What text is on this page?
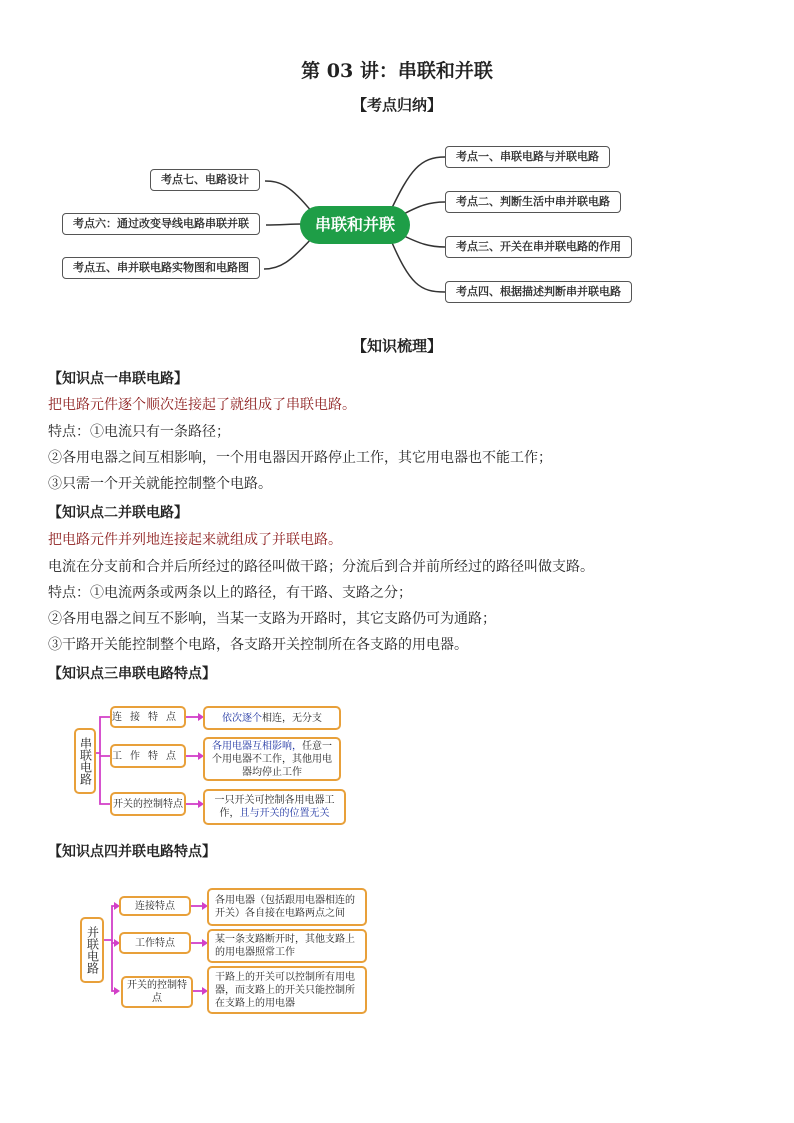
第 03 讲：串联和并联
【考点归纳】
串联和并联
考点一、串联电路与并联电路
考点二、判断生活中串并联电路
考点三、开关在串并联电路的作用
考点四、根据描述判断串并联电路
考点七、电路设计
考点六：通过改变导线电路串联并联
考点五、串并联电路实物图和电路图
【知识梳理】
【知识点一串联电路】
把电路元件逐个顺次连接起了就组成了串联电路。
特点：①电流只有一条路径；
②各用电器之间互相影响，一个用电器因开路停止工作，其它用电器也不能工作；
③只需一个开关就能控制整个电路。
【知识点二并联电路】
把电路元件并列地连接起来就组成了并联电路。
电流在分支前和合并后所经过的路径叫做干路；分流后到合并前所经过的路径叫做支路。
特点：①电流两条或两条以上的路径，有干路、支路之分；
②各用电器之间互不影响，当某一支路为开路时，其它支路仍可为通路；
③干路开关能控制整个电路，各支路开关控制所在各支路的用电器。
【知识点三串联电路特点】
串联电路
连接特点
工作特点
开关的控制特点
依次逐个相连，无分支
各用电器互相影响，任意一个用电器不工作，其他用电器均停止工作
一只开关可控制各用电器工作，且与开关的位置无关
【知识点四并联电路特点】
并联电路
连接特点
工作特点
开关的控制特点
各用电器（包括跟用电器相连的开关）各自接在电路两点之间
某一条支路断开时，其他支路上的用电器照常工作
干路上的开关可以控制所有用电器，而支路上的开关只能控制所在支路上的用电器
